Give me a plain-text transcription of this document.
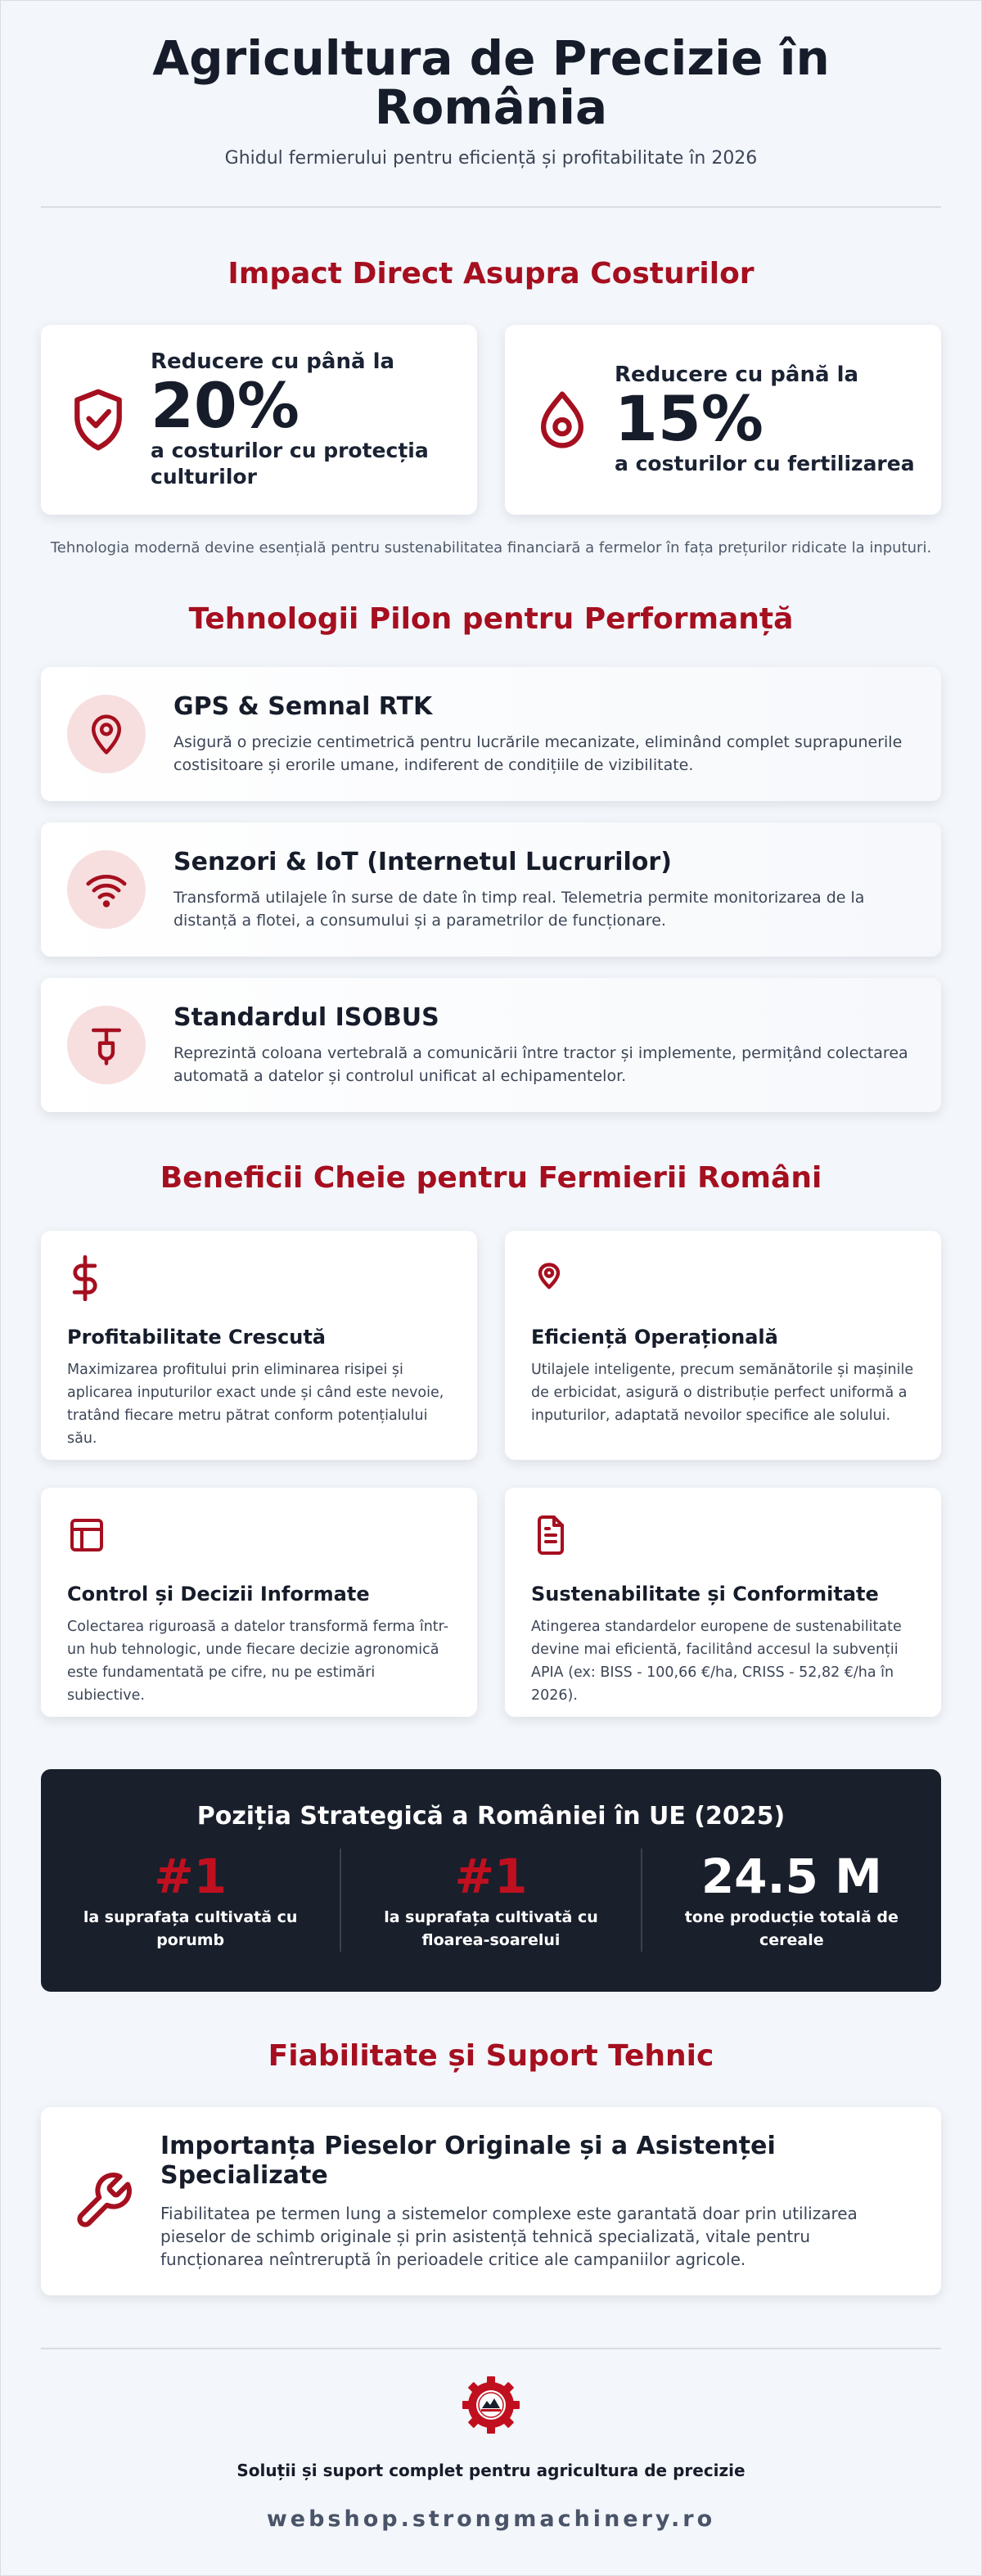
Agricultura de Precizie în România
Ghidul fermierului pentru eficiență și profitabilitate în 2026
Impact Direct Asupra Costurilor
Reducere cu până la
20%
a costurilor cu protecția culturilor
Reducere cu până la
15%
a costurilor cu fertilizarea
Tehnologia modernă devine esențială pentru sustenabilitatea financiară a fermelor în fața prețurilor ridicate la inputuri.
Tehnologii Pilon pentru Performanță
GPS & Semnal RTK

Asigură o precizie centimetrică pentru lucrările mecanizate, eliminând complet suprapunerile costisitoare și erorile umane, indiferent de condițiile de vizibilitate.

Senzori & IoT (Internetul Lucrurilor)

Transformă utilajele în surse de date în timp real. Telemetria permite monitorizarea de la distanță a flotei, a consumului și a parametrilor de funcționare.

Standardul ISOBUS

Reprezintă coloana vertebrală a comunicării între tractor și implemente, permițând colectarea automată a datelor și controlul unificat al echipamentelor.

Beneficii Cheie pentru Fermierii Români
Profitabilitate Crescută

Maximizarea profitului prin eliminarea risipei și aplicarea inputurilor exact unde și când este nevoie, tratând fiecare metru pătrat conform potențialului său.

Eficiență Operațională

Utilajele inteligente, precum semănătorile și mașinile de erbicidat, asigură o distribuție perfect uniformă a inputurilor, adaptată nevoilor specifice ale solului.

Control și Decizii Informate

Colectarea riguroasă a datelor transformă ferma într-un hub tehnologic, unde fiecare decizie agronomică este fundamentată pe cifre, nu pe estimări subiective.

Sustenabilitate și Conformitate

Atingerea standardelor europene de sustenabilitate devine mai eficientă, facilitând accesul la subvenții APIA (ex: BISS - 100,66 €/ha, CRISS - 52,82 €/ha în 2026).

Poziția Strategică a României în UE (2025)
#1
la suprafața cultivată cu porumb
#1
la suprafața cultivată cu floarea-soarelui
24.5 M
tone producție totală de cereale
Fiabilitate și Suport Tehnic
Importanța Pieselor Originale și a Asistenței Specializate

Fiabilitatea pe termen lung a sistemelor complexe este garantată doar prin utilizarea pieselor de schimb originale și prin asistență tehnică specializată, vitale pentru funcționarea neîntreruptă în perioadele critice ale campaniilor agricole.

Soluții și suport complet pentru agricultura de precizie
webshop.strongmachinery.ro
